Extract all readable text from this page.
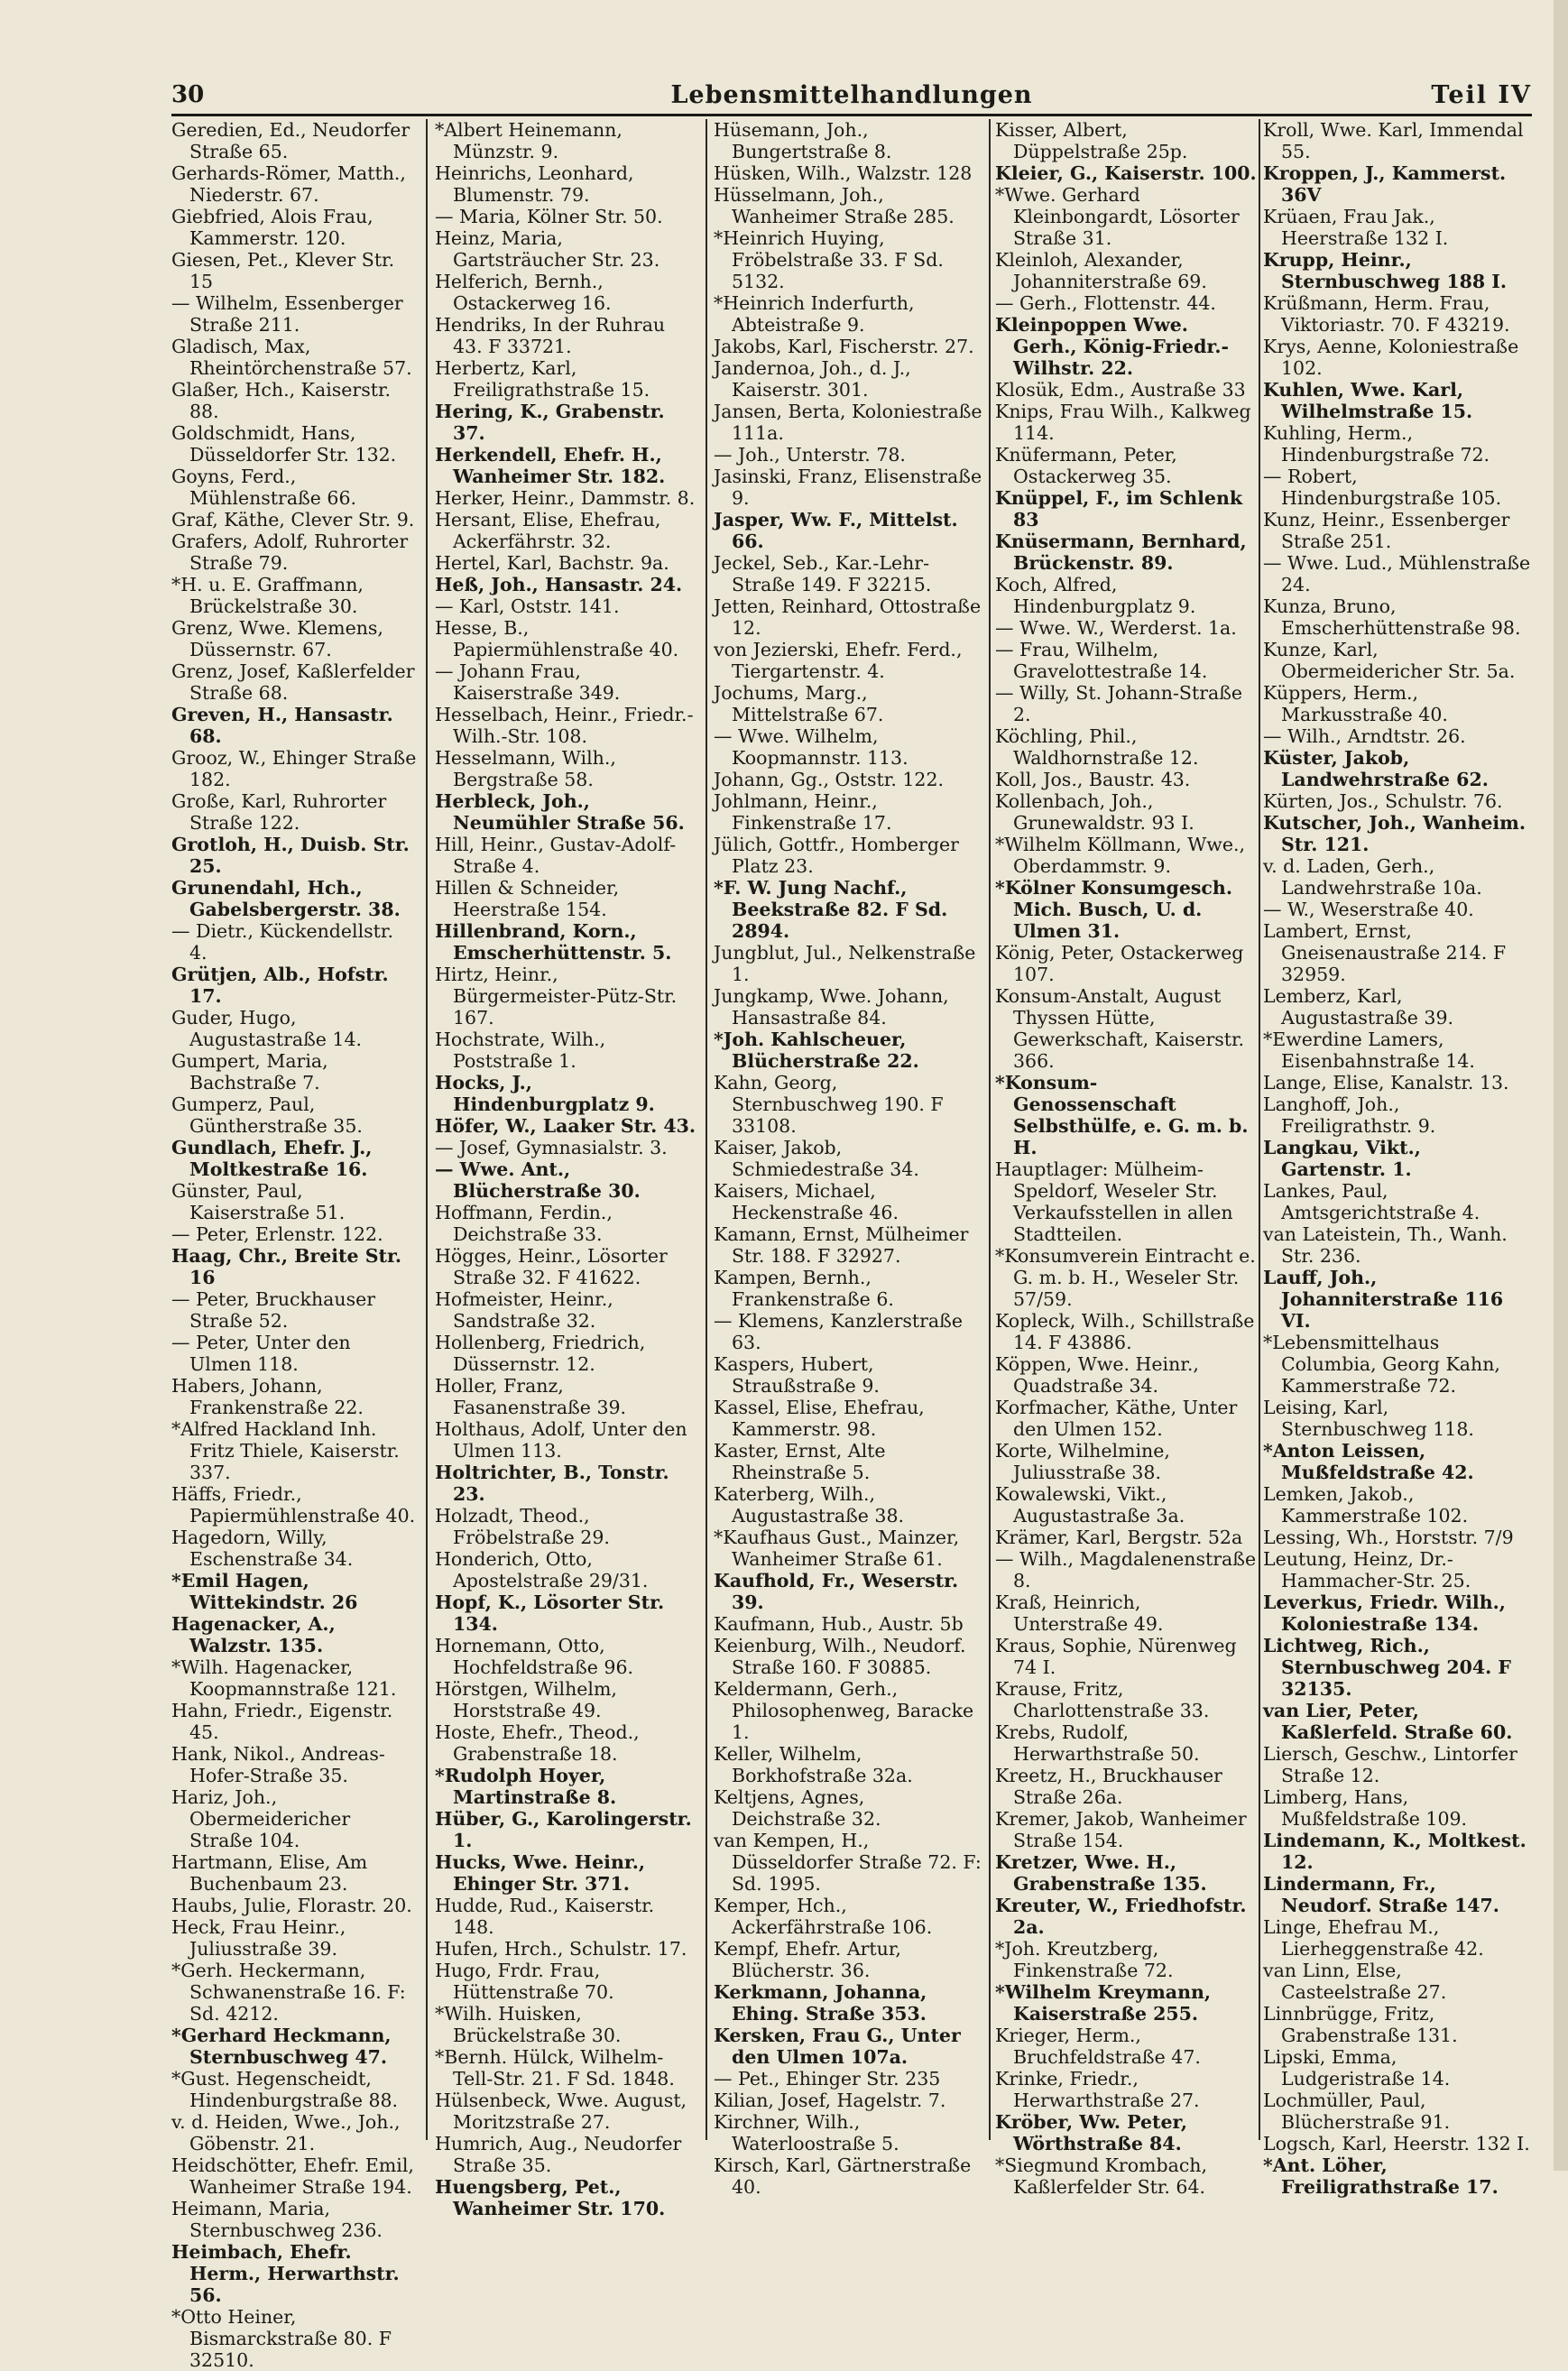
30	Lebensmittelhandlungen	Teil IV

Geredien, Ed., Neudorfer Straße 65.

Gerhards-Römer, Matth., Niederstr. 67.

Giebfried, Alois Frau, Kammerstr. 120.

Giesen, Pet., Klever Str. 15

— Wilhelm, Essenberger Straße 211.

Gladisch, Max, Rheintörchenstraße 57.

Glaßer, Hch., Kaiserstr. 88.

Goldschmidt, Hans, Düsseldorfer Str. 132.

Goyns, Ferd., Mühlenstraße 66.

Graf, Käthe, Clever Str. 9.

Grafers, Adolf, Ruhrorter Straße 79.

*H. u. E. Graffmann, Brückelstraße 30.

Grenz, Wwe. Klemens, Düssernstr. 67.

Grenz, Josef, Kaßlerfelder Straße 68.

Greven, H., Hansastr. 68.

Grooz, W., Ehinger Straße 182.

Große, Karl, Ruhrorter Straße 122.

Grotloh, H., Duisb. Str. 25.

Grunendahl, Hch., Gabelsbergerstr. 38.

— Dietr., Kückendellstr. 4.

Grütjen, Alb., Hofstr. 17.

Guder, Hugo, Augustastraße 14.

Gumpert, Maria, Bachstraße 7.

Gumperz, Paul, Güntherstraße 35.

Gundlach, Ehefr. J., Moltkestraße 16.

Günster, Paul, Kaiserstraße 51.

— Peter, Erlenstr. 122.

Haag, Chr., Breite Str. 16

— Peter, Bruckhauser Straße 52.

— Peter, Unter den Ulmen 118.

Habers, Johann, Frankenstraße 22.

*Alfred Hackland Inh. Fritz Thiele, Kaiserstr. 337.

Häffs, Friedr., Papiermühlenstraße 40.

Hagedorn, Willy, Eschenstraße 34.

*Emil Hagen, Wittekindstr. 26

Hagenacker, A., Walzstr. 135.

*Wilh. Hagenacker, Koopmannstraße 121.

Hahn, Friedr., Eigenstr. 45.

Hank, Nikol., Andreas-Hofer-Straße 35.

Hariz, Joh., Obermeidericher Straße 104.

Hartmann, Elise, Am Buchenbaum 23.

Haubs, Julie, Florastr. 20.

Heck, Frau Heinr., Juliusstraße 39.

*Gerh. Heckermann, Schwanenstraße 16. F: Sd. 4212.

*Gerhard Heckmann, Sternbuschweg 47.

*Gust. Hegenscheidt, Hindenburgstraße 88.

v. d. Heiden, Wwe., Joh., Göbenstr. 21.

Heidschötter, Ehefr. Emil, Wanheimer Straße 194.

Heimann, Maria, Sternbuschweg 236.

Heimbach, Ehefr. Herm., Herwarthstr. 56.

*Otto Heiner, Bismarckstraße 80. F 32510.

*Albert Heinemann, Münzstr. 9.

Heinrichs, Leonhard, Blumenstr. 79.

— Maria, Kölner Str. 50.

Heinz, Maria, Gartsträucher Str. 23.

Helferich, Bernh., Ostackerweg 16.

Hendriks, In der Ruhrau 43. F 33721.

Herbertz, Karl, Freiligrathstraße 15.

Hering, K., Grabenstr. 37.

Herkendell, Ehefr. H., Wanheimer Str. 182.

Herker, Heinr., Dammstr. 8.

Hersant, Elise, Ehefrau, Ackerfährstr. 32.

Hertel, Karl, Bachstr. 9a.

Heß, Joh., Hansastr. 24.

— Karl, Oststr. 141.

Hesse, B., Papiermühlenstraße 40.

— Johann Frau, Kaiserstraße 349.

Hesselbach, Heinr., Friedr.-Wilh.-Str. 108.

Hesselmann, Wilh., Bergstraße 58.

Herbleck, Joh., Neumühler Straße 56.

Hill, Heinr., Gustav-Adolf-Straße 4.

Hillen & Schneider, Heerstraße 154.

Hillenbrand, Korn., Emscherhüttenstr. 5.

Hirtz, Heinr., Bürgermeister-Pütz-Str. 167.

Hochstrate, Wilh., Poststraße 1.

Hocks, J., Hindenburgplatz 9.

Höfer, W., Laaker Str. 43.

— Josef, Gymnasialstr. 3.

— Wwe. Ant., Blücherstraße 30.

Hoffmann, Ferdin., Deichstraße 33.

Högges, Heinr., Lösorter Straße 32. F 41622.

Hofmeister, Heinr., Sandstraße 32.

Hollenberg, Friedrich, Düssernstr. 12.

Holler, Franz, Fasanenstraße 39.

Holthaus, Adolf, Unter den Ulmen 113.

Holtrichter, B., Tonstr. 23.

Holzadt, Theod., Fröbelstraße 29.

Honderich, Otto, Apostelstraße 29/31.

Hopf, K., Lösorter Str. 134.

Hornemann, Otto, Hochfeldstraße 96.

Hörstgen, Wilhelm, Horststraße 49.

Hoste, Ehefr., Theod., Grabenstraße 18.

*Rudolph Hoyer, Martinstraße 8.

Hüber, G., Karolingerstr. 1.

Hucks, Wwe. Heinr., Ehinger Str. 371.

Hudde, Rud., Kaiserstr. 148.

Hufen, Hrch., Schulstr. 17.

Hugo, Frdr. Frau, Hüttenstraße 70.

*Wilh. Huisken, Brückelstraße 30.

*Bernh. Hülck, Wilhelm-Tell-Str. 21. F Sd. 1848.

Hülsenbeck, Wwe. August, Moritzstraße 27.

Humrich, Aug., Neudorfer Straße 35.

Huengsberg, Pet., Wanheimer Str. 170.

Hüsemann, Joh., Bungertstraße 8.

Hüsken, Wilh., Walzstr. 128

Hüsselmann, Joh., Wanheimer Straße 285.

*Heinrich Huying, Fröbelstraße 33. F Sd. 5132.

*Heinrich Inderfurth, Abteistraße 9.

Jakobs, Karl, Fischerstr. 27.

Jandernoa, Joh., d. J., Kaiserstr. 301.

Jansen, Berta, Koloniestraße 111a.

— Joh., Unterstr. 78.

Jasinski, Franz, Elisenstraße 9.

Jasper, Ww. F., Mittelst. 66.

Jeckel, Seb., Kar.-Lehr-Straße 149. F 32215.

Jetten, Reinhard, Ottostraße 12.

von Jezierski, Ehefr. Ferd., Tiergartenstr. 4.

Jochums, Marg., Mittelstraße 67.

— Wwe. Wilhelm, Koopmannstr. 113.

Johann, Gg., Oststr. 122.

Johlmann, Heinr., Finkenstraße 17.

Jülich, Gottfr., Homberger Platz 23.

*F. W. Jung Nachf., Beekstraße 82. F Sd. 2894.

Jungblut, Jul., Nelkenstraße 1.

Jungkamp, Wwe. Johann, Hansastraße 84.

*Joh. Kahlscheuer, Blücherstraße 22.

Kahn, Georg, Sternbuschweg 190. F 33108.

Kaiser, Jakob, Schmiedestraße 34.

Kaisers, Michael, Heckenstraße 46.

Kamann, Ernst, Mülheimer Str. 188. F 32927.

Kampen, Bernh., Frankenstraße 6.

— Klemens, Kanzlerstraße 63.

Kaspers, Hubert, Straußstraße 9.

Kassel, Elise, Ehefrau, Kammerstr. 98.

Kaster, Ernst, Alte Rheinstraße 5.

Katerberg, Wilh., Augustastraße 38.

*Kaufhaus Gust., Mainzer, Wanheimer Straße 61.

Kaufhold, Fr., Weserstr. 39.

Kaufmann, Hub., Austr. 5b

Keienburg, Wilh., Neudorf. Straße 160. F 30885.

Keldermann, Gerh., Philosophenweg, Baracke 1.

Keller, Wilhelm, Borkhofstraße 32a.

Keltjens, Agnes, Deichstraße 32.

van Kempen, H., Düsseldorfer Straße 72. F: Sd. 1995.

Kemper, Hch., Ackerfährstraße 106.

Kempf, Ehefr. Artur, Blücherstr. 36.

Kerkmann, Johanna, Ehing. Straße 353.

Kersken, Frau G., Unter den Ulmen 107a.

— Pet., Ehinger Str. 235

Kilian, Josef, Hagelstr. 7.

Kirchner, Wilh., Waterloostraße 5.

Kirsch, Karl, Gärtnerstraße 40.

Kisser, Albert, Düppelstraße 25p.

Kleier, G., Kaiserstr. 100.

*Wwe. Gerhard Kleinbongardt, Lösorter Straße 31.

Kleinloh, Alexander, Johanniterstraße 69.

— Gerh., Flottenstr. 44.

Kleinpoppen Wwe. Gerh., König-Friedr.-Wilhstr. 22.

Klosük, Edm., Austraße 33

Knips, Frau Wilh., Kalkweg 114.

Knüfermann, Peter, Ostackerweg 35.

Knüppel, F., im Schlenk 83

Knüsermann, Bernhard, Brückenstr. 89.

Koch, Alfred, Hindenburgplatz 9.

— Wwe. W., Werderst. 1a.

— Frau, Wilhelm, Gravelottestraße 14.

— Willy, St. Johann-Straße 2.

Köchling, Phil., Waldhornstraße 12.

Koll, Jos., Baustr. 43.

Kollenbach, Joh., Grunewaldstr. 93 I.

*Wilhelm Köllmann, Wwe., Oberdammstr. 9.

*Kölner Konsumgesch. Mich. Busch, U. d. Ulmen 31.

König, Peter, Ostackerweg 107.

Konsum-Anstalt, August Thyssen Hütte, Gewerkschaft, Kaiserstr. 366.

*Konsum-Genossenschaft Selbsthülfe, e. G. m. b. H.

Hauptlager: Mülheim-Speldorf, Weseler Str. Verkaufsstellen in allen Stadtteilen.

*Konsumverein Eintracht e. G. m. b. H., Weseler Str. 57/59.

Kopleck, Wilh., Schillstraße 14. F 43886.

Köppen, Wwe. Heinr., Quadstraße 34.

Korfmacher, Käthe, Unter den Ulmen 152.

Korte, Wilhelmine, Juliusstraße 38.

Kowalewski, Vikt., Augustastraße 3a.

Krämer, Karl, Bergstr. 52a

— Wilh., Magdalenenstraße 8.

Kraß, Heinrich, Unterstraße 49.

Kraus, Sophie, Nürenweg 74 I.

Krause, Fritz, Charlottenstraße 33.

Krebs, Rudolf, Herwarthstraße 50.

Kreetz, H., Bruckhauser Straße 26a.

Kremer, Jakob, Wanheimer Straße 154.

Kretzer, Wwe. H., Grabenstraße 135.

Kreuter, W., Friedhofstr. 2a.

*Joh. Kreutzberg, Finkenstraße 72.

*Wilhelm Kreymann, Kaiserstraße 255.

Krieger, Herm., Bruchfeldstraße 47.

Krinke, Friedr., Herwarthstraße 27.

Kröber, Ww. Peter, Wörthstraße 84.

*Siegmund Krombach, Kaßlerfelder Str. 64.

Kroll, Wwe. Karl, Immendal 55.

Kroppen, J., Kammerst. 36V

Krüaen, Frau Jak., Heerstraße 132 I.

Krupp, Heinr., Sternbuschweg 188 I.

Krüßmann, Herm. Frau, Viktoriastr. 70. F 43219.

Krys, Aenne, Koloniestraße 102.

Kuhlen, Wwe. Karl, Wilhelmstraße 15.

Kuhling, Herm., Hindenburgstraße 72.

— Robert, Hindenburgstraße 105.

Kunz, Heinr., Essenberger Straße 251.

— Wwe. Lud., Mühlenstraße 24.

Kunza, Bruno, Emscherhüttenstraße 98.

Kunze, Karl, Obermeidericher Str. 5a.

Küppers, Herm., Markusstraße 40.

— Wilh., Arndtstr. 26.

Küster, Jakob, Landwehrstraße 62.

Kürten, Jos., Schulstr. 76.

Kutscher, Joh., Wanheim. Str. 121.

v. d. Laden, Gerh., Landwehrstraße 10a.

— W., Weserstraße 40.

Lambert, Ernst, Gneisenaustraße 214. F 32959.

Lemberz, Karl, Augustastraße 39.

*Ewerdine Lamers, Eisenbahnstraße 14.

Lange, Elise, Kanalstr. 13.

Langhoff, Joh., Freiligrathstr. 9.

Langkau, Vikt., Gartenstr. 1.

Lankes, Paul, Amtsgerichtstraße 4.

van Lateistein, Th., Wanh. Str. 236.

Lauff, Joh., Johanniterstraße 116 VI.

*Lebensmittelhaus Columbia, Georg Kahn, Kammerstraße 72.

Leising, Karl, Sternbuschweg 118.

*Anton Leissen, Mußfeldstraße 42.

Lemken, Jakob., Kammerstraße 102.

Lessing, Wh., Horststr. 7/9

Leutung, Heinz, Dr.-Hammacher-Str. 25.

Leverkus, Friedr. Wilh., Koloniestraße 134.

Lichtweg, Rich., Sternbuschweg 204. F 32135.

van Lier, Peter, Kaßlerfeld. Straße 60.

Liersch, Geschw., Lintorfer Straße 12.

Limberg, Hans, Mußfeldstraße 109.

Lindemann, K., Moltkest. 12.

Lindermann, Fr., Neudorf. Straße 147.

Linge, Ehefrau M., Lierheggenstraße 42.

van Linn, Else, Casteelstraße 27.

Linnbrügge, Fritz, Grabenstraße 131.

Lipski, Emma, Ludgeristraße 14.

Lochmüller, Paul, Blücherstraße 91.

Logsch, Karl, Heerstr. 132 I.

*Ant. Löher, Freiligrathstraße 17.
